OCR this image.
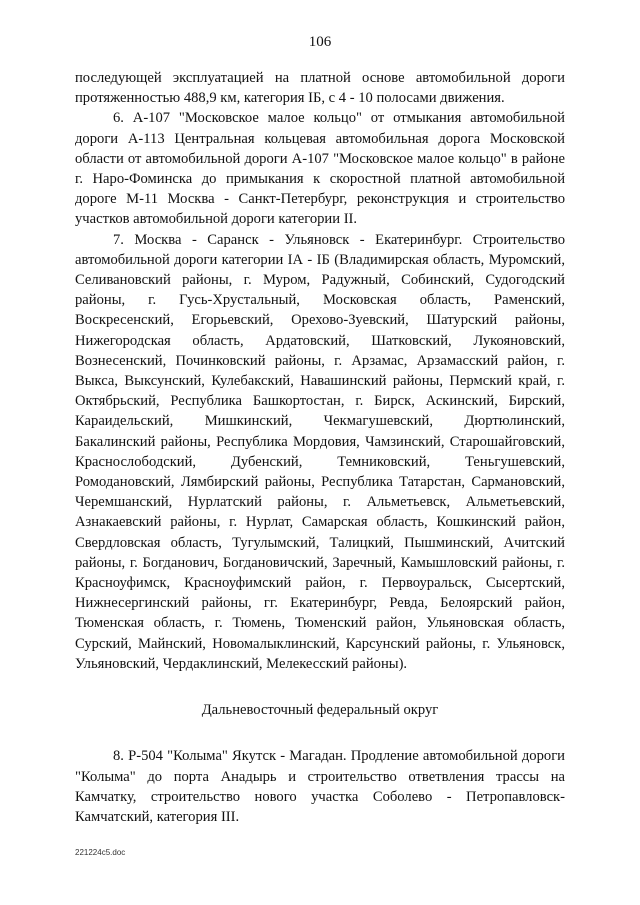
106

последующей эксплуатацией на платной основе автомобильной дороги протяженностью 488,9 км, категория IБ, с 4 - 10 полосами движения.

6. А-107 "Московское малое кольцо" от отмыкания автомобильной дороги А-113 Центральная кольцевая автомобильная дорога Московской области от автомобильной дороги А-107 "Московское малое кольцо" в районе г. Наро-Фоминска до примыкания к скоростной платной автомобильной дороге М-11 Москва - Санкт-Петербург, реконструкция и строительство участков автомобильной дороги категории II.

7. Москва - Саранск - Ульяновск - Екатеринбург. Строительство автомобильной дороги категории IА - IБ (Владимирская область, Муромский, Селивановский районы, г. Муром, Радужный, Собинский, Судогодский районы, г. Гусь-Хрустальный, Московская область, Раменский, Воскресенский, Егорьевский, Орехово-Зуевский, Шатурский районы, Нижегородская область, Ардатовский, Шатковский, Лукояновский, Вознесенский, Починковский районы, г. Арзамас, Арзамасский район, г. Выкса, Выксунский, Кулебакский, Навашинский районы, Пермский край, г. Октябрьский, Республика Башкортостан, г. Бирск, Аскинский, Бирский, Караидельский, Мишкинский, Чекмагушевский, Дюртюлинский, Бакалинский районы, Республика Мордовия, Чамзинский, Старошайговский, Краснослободский, Дубенский, Темниковский, Теньгушевский, Ромодановский, Лямбирский районы, Республика Татарстан, Сармановский, Черемшанский, Нурлатский районы, г. Альметьевск, Альметьевский, Азнакаевский районы, г. Нурлат, Самарская область, Кошкинский район, Свердловская область, Тугулымский, Талицкий, Пышминский, Ачитский районы, г. Богданович, Богдановичский, Заречный, Камышловский районы, г. Красноуфимск, Красноуфимский район, г. Первоуральск, Сысертский, Нижнесергинский районы, гг. Екатеринбург, Ревда, Белоярский район, Тюменская область, г. Тюмень, Тюменский район, Ульяновская область, Сурский, Майнский, Новомалыклинский, Карсунский районы, г. Ульяновск, Ульяновский, Чердаклинский, Мелекесский районы).

Дальневосточный федеральный округ

8. Р-504 "Колыма" Якутск - Магадан. Продление автомобильной дороги "Колыма" до порта Анадырь и строительство ответвления трассы на Камчатку, строительство нового участка Соболево - Петропавловск-Камчатский, категория III.

221224c5.doc
